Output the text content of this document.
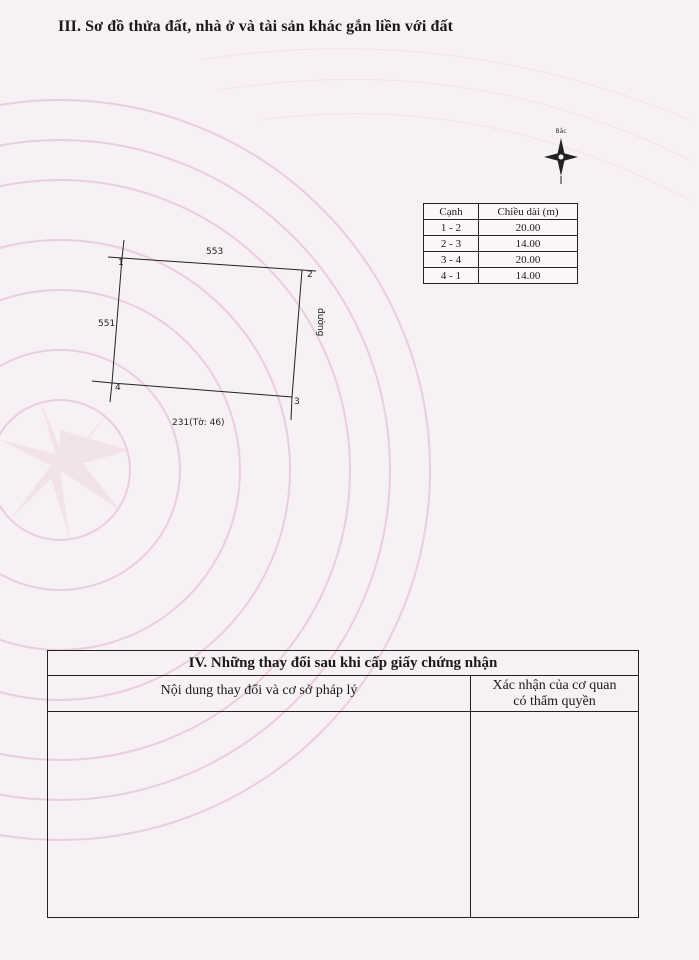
III. Sơ đồ thửa đất, nhà ở và tài sản khác gắn liền với đất
Bắc
Cạnh	Chiều dài (m)
1 - 2	20.00
2 - 3	14.00
3 - 4	20.00
4 - 1	14.00
1
2
3
4
553
551
231(Tờ: 46)
đường
IV. Những thay đổi sau khi cấp giấy chứng nhận
Nội dung thay đổi và cơ sở pháp lý	Xác nhận của cơ quan
có thẩm quyền
